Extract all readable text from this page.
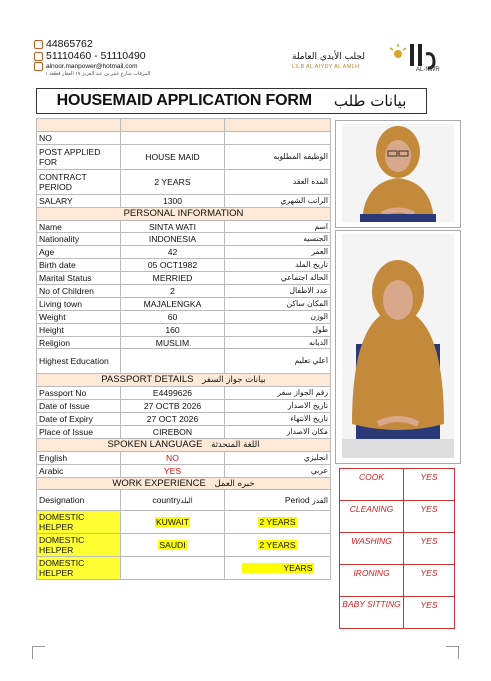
44865762
51110460 - 51110490
alnoor.manpower@hotmail.com
المرقاب شارع عمر بن عبد العزيز ١٧ العقار قطعة ١
لجلب الأيدي العاملة
LILB AL AIYDY AL AMLH	AL-NWR
HOUSEMAID APPLICATION FORM بيانات طلب

NO		
POST APPLIED FOR	HOUSE MAID	الوظيفه المطلوبه
CONTRACT PERIOD	2 YEARS	المده العقد
SALARY	1300	الراتب الشهري
PERSONAL INFORMATION		
Name	SINTA WATI	اسم
Nationality	INDONESIA	الجنسيه
Age	42	العمر
Birth date	05 OCT1982	تاريخ الملد
Marital Status	MERRIED	الحاله اجتماعي
No of Children	2	عدد الاطفال
Living town	MAJALENGKA	المكان ساكن
Weight	60	الوزن
Height	160	طول
Religion	MUSLIM	الديانه
Highest Education		اعلي تعليم
PASSPORT DETAILS بيانات جواز السفر		
Passport No	E4499626	رقم الجواز سفر
Date of Issue	27 OCTB 2026	تاريخ الاصدار
Date of Expiry	27 OCT 2026	تاريخ الانتهاء
Place of Issue	CIREBON	مكان الاصدار
SPOKEN LANGUAGE اللغة المتحدثة		
English	NO	انجليزي
Arabic	YES	عربي
WORK EXPERIENCE خبره العمل		
Designation	countryالبلد	Period الفدر
DOMESTIC HELPER	KUWAIT	2 YEARS
DOMESTIC HELPER	SAUDI	2 YEARS
DOMESTIC HELPER		YEARS
COOK	YES
CLEANING	YES
WASHING	YES
IRONING	YES
BABY SITTING	YES
